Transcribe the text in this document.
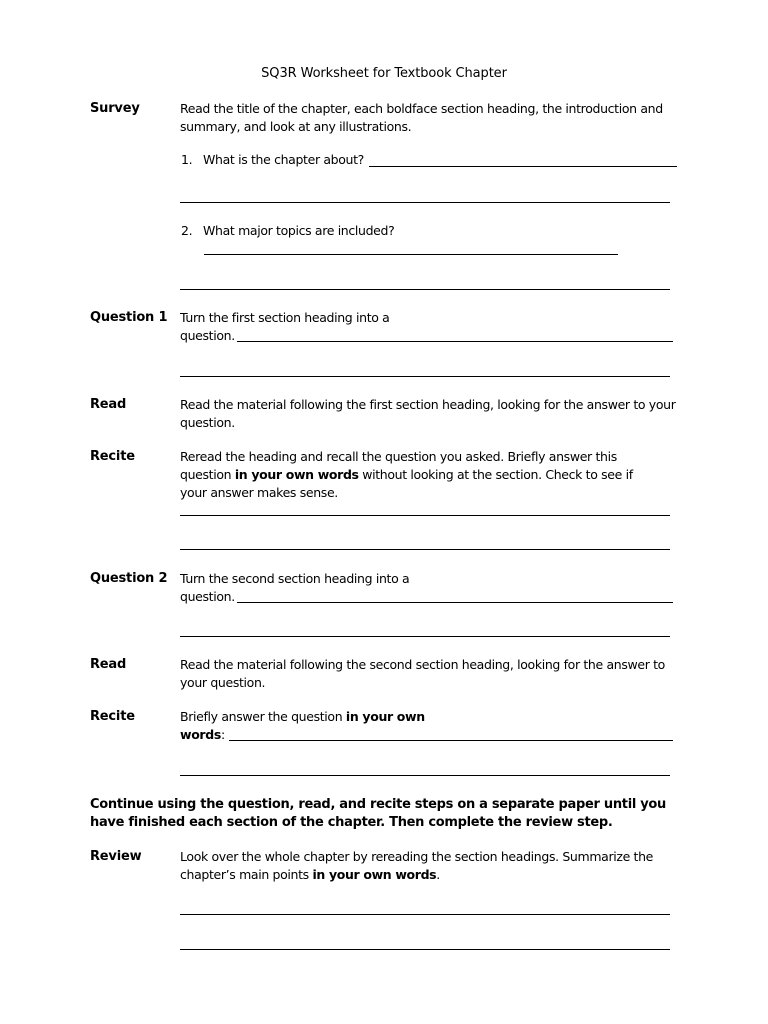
SQ3R Worksheet for Textbook Chapter
Survey	Read the title of the chapter, each boldface section heading, the introduction and summary, and look at any illustrations.
1. What is the chapter about?
2. What major topics are included?
Question 1 Turn the first section heading into a
question.
Read	Read the material following the first section heading, looking for the answer to your question.
Recite	Reread the heading and recall the question you asked. Briefly answer this question in your own words without looking at the section. Check to see if your answer makes sense.
Question 2 Turn the second section heading into a
question.
Read	Read the material following the second section heading, looking for the answer to your question.
Recite	Briefly answer the question in your own
words:
Continue using the question, read, and recite steps on a separate paper until you have finished each section of the chapter. Then complete the review step.
Review	Look over the whole chapter by rereading the section headings. Summarize the chapter’s main points in your own words.
